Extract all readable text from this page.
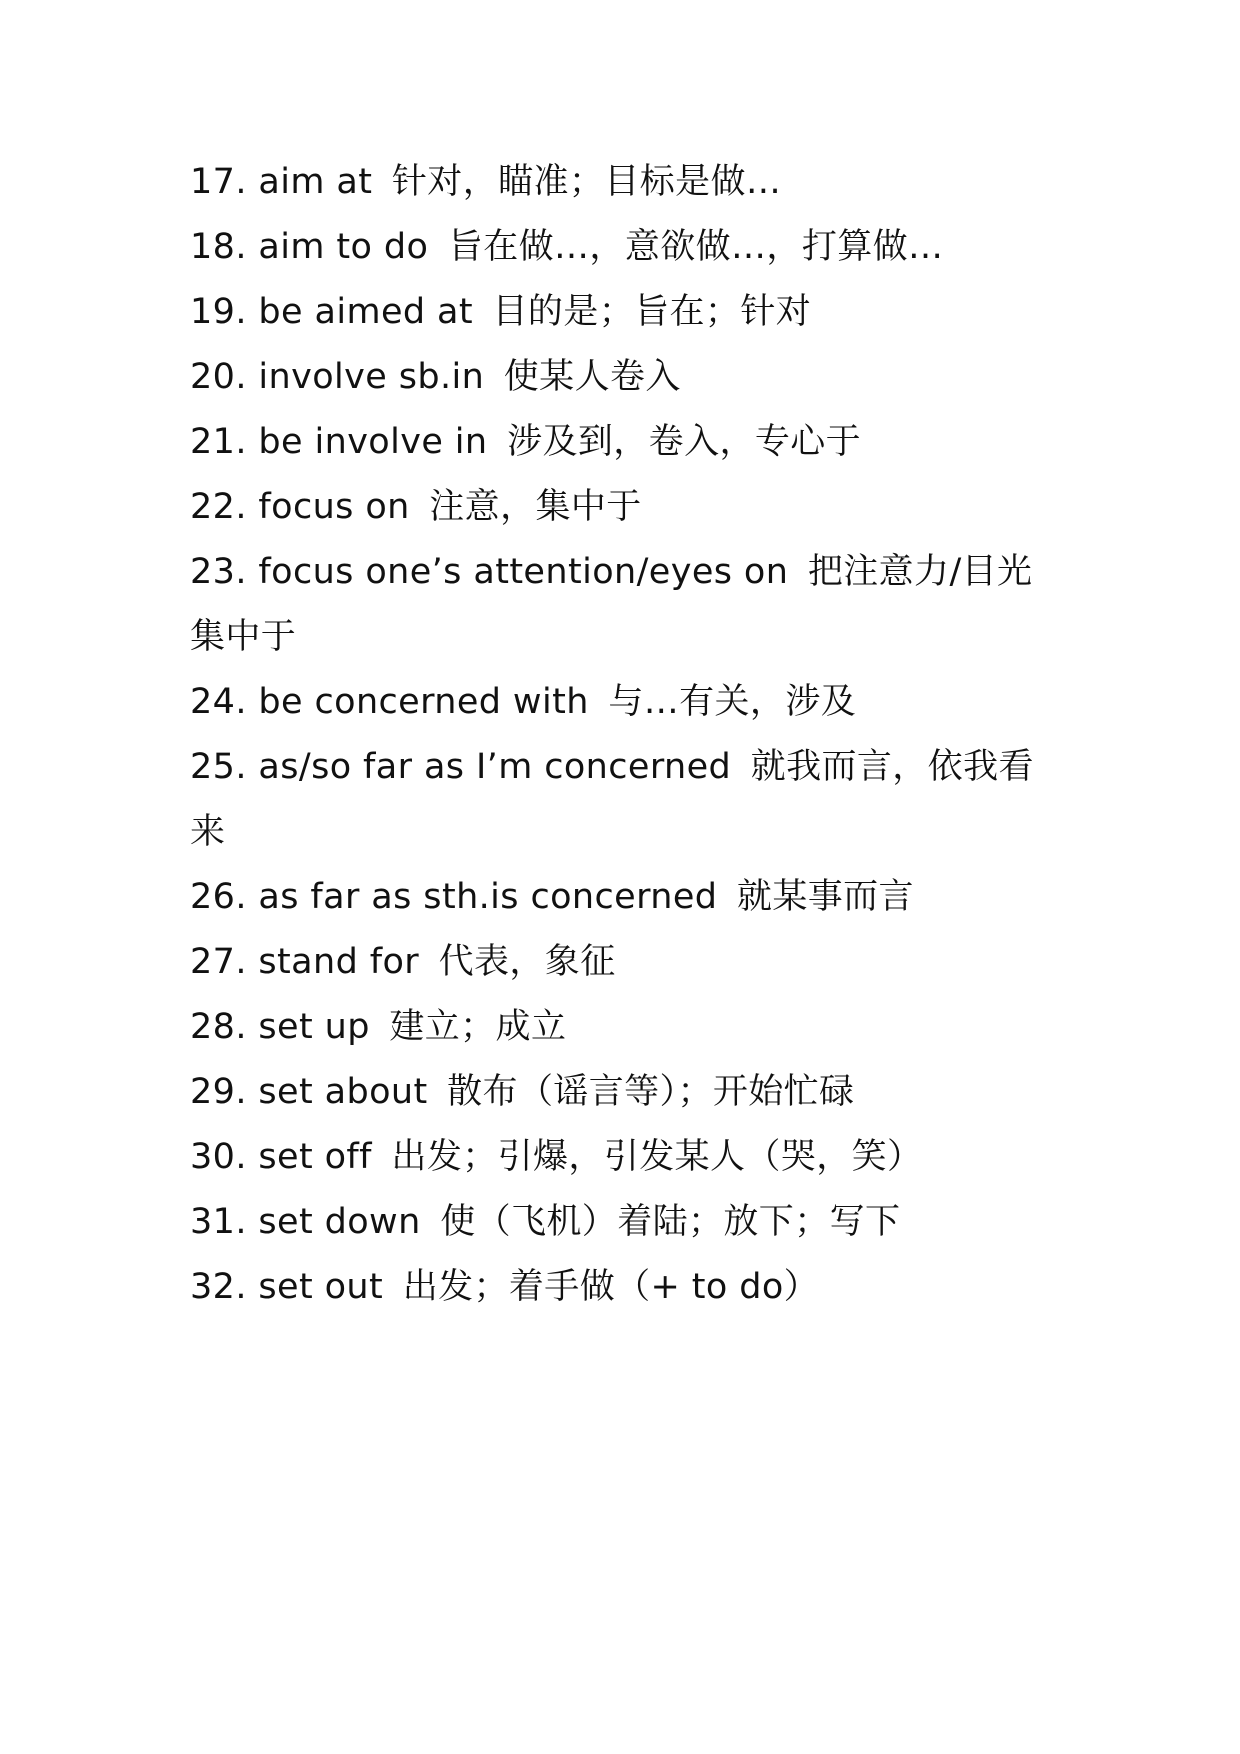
17. aim at 针对，瞄准；目标是做…
18. aim to do 旨在做…，意欲做…，打算做…
19. be aimed at 目的是；旨在；针对
20. involve sb.in 使某人卷入
21. be involve in 涉及到，卷入，专心于
22. focus on 注意，集中于
23. focus one’s attention/eyes on 把注意力/目光集中于
24. be concerned with 与…有关，涉及
25. as/so far as I’m concerned 就我而言，依我看来
26. as far as sth.is concerned 就某事而言
27. stand for 代表，象征
28. set up 建立；成立
29. set about 散布（谣言等）；开始忙碌
30. set off 出发；引爆，引发某人（哭，笑）
31. set down 使（飞机）着陆；放下；写下
32. set out 出发；着手做（+ to do）
